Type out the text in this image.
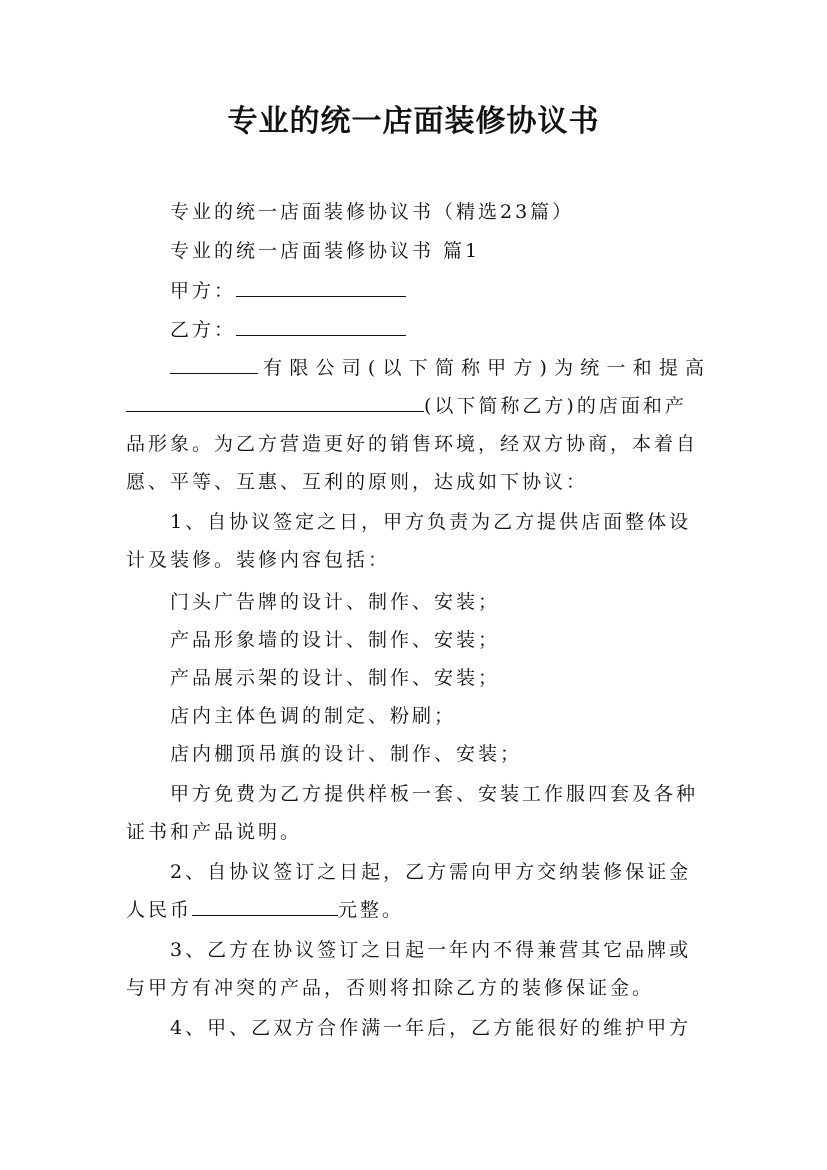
专业的统一店面装修协议书
专业的统一店面装修协议书（精选23篇）
专业的统一店面装修协议书 篇1
甲方：
乙方：
有限公司(以下简称甲方)为统一和提高
(以下简称乙方)的店面和产
品形象。为乙方营造更好的销售环境，经双方协商，本着自
愿、平等、互惠、互利的原则，达成如下协议：
1、自协议签定之日，甲方负责为乙方提供店面整体设
计及装修。装修内容包括：
门头广告牌的设计、制作、安装；
产品形象墙的设计、制作、安装；
产品展示架的设计、制作、安装；
店内主体色调的制定、粉刷；
店内棚顶吊旗的设计、制作、安装；
甲方免费为乙方提供样板一套、安装工作服四套及各种
证书和产品说明。
2、自协议签订之日起，乙方需向甲方交纳装修保证金
人民币	元整。
3、乙方在协议签订之日起一年内不得兼营其它品牌或
与甲方有冲突的产品，否则将扣除乙方的装修保证金。
4、甲、乙双方合作满一年后，乙方能很好的维护甲方
